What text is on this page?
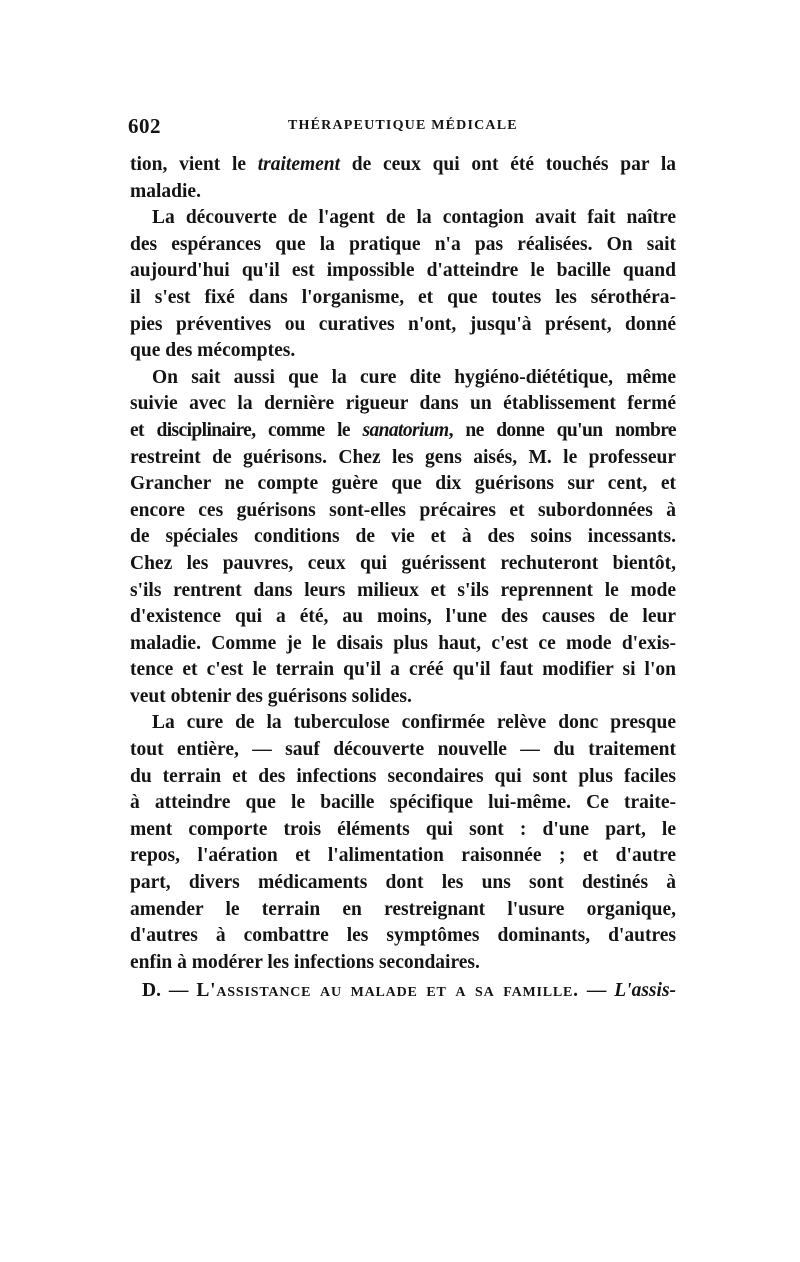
602	THÉRAPEUTIQUE MÉDICALE
tion, vient le traitement de ceux qui ont été touchés par la
maladie.
La découverte de l'agent de la contagion avait fait naître
des espérances que la pratique n'a pas réalisées. On sait
aujourd'hui qu'il est impossible d'atteindre le bacille quand
il s'est fixé dans l'organisme, et que toutes les sérothéra-
pies préventives ou curatives n'ont, jusqu'à présent, donné
que des mécomptes.
On sait aussi que la cure dite hygiéno-diététique, même
suivie avec la dernière rigueur dans un établissement fermé
et disciplinaire, comme le sanatorium, ne donne qu'un nombre
restreint de guérisons. Chez les gens aisés, M. le professeur
Grancher ne compte guère que dix guérisons sur cent, et
encore ces guérisons sont-elles précaires et subordonnées à
de spéciales conditions de vie et à des soins incessants.
Chez les pauvres, ceux qui guérissent rechuteront bientôt,
s'ils rentrent dans leurs milieux et s'ils reprennent le mode
d'existence qui a été, au moins, l'une des causes de leur
maladie. Comme je le disais plus haut, c'est ce mode d'exis-
tence et c'est le terrain qu'il a créé qu'il faut modifier si l'on
veut obtenir des guérisons solides.
La cure de la tuberculose confirmée relève donc presque
tout entière, — sauf découverte nouvelle — du traitement
du terrain et des infections secondaires qui sont plus faciles
à atteindre que le bacille spécifique lui-même. Ce traite-
ment comporte trois éléments qui sont : d'une part, le
repos, l'aération et l'alimentation raisonnée ; et d'autre
part, divers médicaments dont les uns sont destinés à
amender le terrain en restreignant l'usure organique,
d'autres à combattre les symptômes dominants, d'autres
enfin à modérer les infections secondaires.
D. — L'assistance au malade et a sa famille. — L'assis-
